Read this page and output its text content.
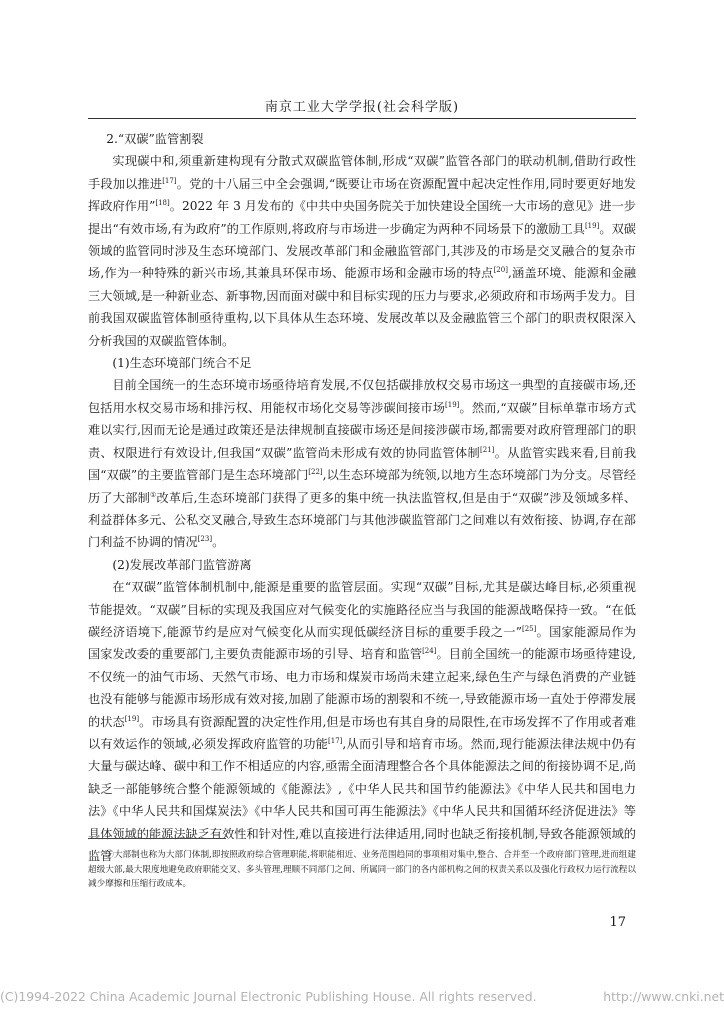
南京工业大学学报(社会科学版)

2.“双碳”监管割裂

实现碳中和,须重新建构现有分散式双碳监管体制,形成“双碳”监管各部门的联动机制,借助行政性手段加以推进[17]。党的十八届三中全会强调,“既要让市场在资源配置中起决定性作用,同时要更好地发挥政府作用”[18]。2022 年 3 月发布的《中共中央国务院关于加快建设全国统一大市场的意见》进一步提出“有效市场,有为政府”的工作原则,将政府与市场进一步确定为两种不同场景下的激励工具[19]。双碳领域的监管同时涉及生态环境部门、发展改革部门和金融监管部门,其涉及的市场是交叉融合的复杂市场,作为一种特殊的新兴市场,其兼具环保市场、能源市场和金融市场的特点[20],涵盖环境、能源和金融三大领域,是一种新业态、新事物,因而面对碳中和目标实现的压力与要求,必须政府和市场两手发力。目前我国双碳监管体制亟待重构,以下具体从生态环境、发展改革以及金融监管三个部门的职责权限深入分析我国的双碳监管体制。

(1)生态环境部门统合不足

目前全国统一的生态环境市场亟待培育发展,不仅包括碳排放权交易市场这一典型的直接碳市场,还包括用水权交易市场和排污权、用能权市场化交易等涉碳间接市场[19]。然而,“双碳”目标单靠市场方式难以实行,因而无论是通过政策还是法律规制直接碳市场还是间接涉碳市场,都需要对政府管理部门的职责、权限进行有效设计,但我国“双碳”监管尚未形成有效的协同监管体制[21]。从监管实践来看,目前我国“双碳”的主要监管部门是生态环境部门[22],以生态环境部为统领,以地方生态环境部门为分支。尽管经历了大部制①改革后,生态环境部门获得了更多的集中统一执法监管权,但是由于“双碳”涉及领域多样、利益群体多元、公私交叉融合,导致生态环境部门与其他涉碳监管部门之间难以有效衔接、协调,存在部门利益不协调的情况[23]。

(2)发展改革部门监管游离

在“双碳”监管体制机制中,能源是重要的监管层面。实现“双碳”目标,尤其是碳达峰目标,必须重视节能提效。“双碳”目标的实现及我国应对气候变化的实施路径应当与我国的能源战略保持一致。“在低碳经济语境下,能源节约是应对气候变化从而实现低碳经济目标的重要手段之一”[25]。国家能源局作为国家发改委的重要部门,主要负责能源市场的引导、培育和监管[24]。目前全国统一的能源市场亟待建设,不仅统一的油气市场、天然气市场、电力市场和煤炭市场尚未建立起来,绿色生产与绿色消费的产业链也没有能够与能源市场形成有效对接,加剧了能源市场的割裂和不统一,导致能源市场一直处于停滞发展的状态[19]。市场具有资源配置的决定性作用,但是市场也有其自身的局限性,在市场发挥不了作用或者难以有效运作的领域,必须发挥政府监管的功能[17],从而引导和培育市场。然而,现行能源法律法规中仍有大量与碳达峰、碳中和工作不相适应的内容,亟需全面清理整合各个具体能源法之间的衔接协调不足,尚缺乏一部能够统合整个能源领域的《能源法》,《中华人民共和国节约能源法》《中华人民共和国电力法》《中华人民共和国煤炭法》《中华人民共和国可再生能源法》《中华人民共和国循环经济促进法》等具体领域的能源法缺乏有效性和针对性,难以直接进行法律适用,同时也缺乏衔接机制,导致各能源领域的监管

①大部制也称为大部门体制,即按照政府综合管理职能,将职能相近、业务范围趋同的事项相对集中,整合、合并至一个政府部门管理,进而组建超级大部,最大限度地避免政府职能交叉、多头管理,理顺不同部门之间、所属同一部门的各内部机构之间的权责关系以及强化行政权力运行流程以减少摩擦和压缩行政成本。
17
(C)1994-2022 China Academic Journal Electronic Publishing House. All rights reserved.	http://www.cnki.net
